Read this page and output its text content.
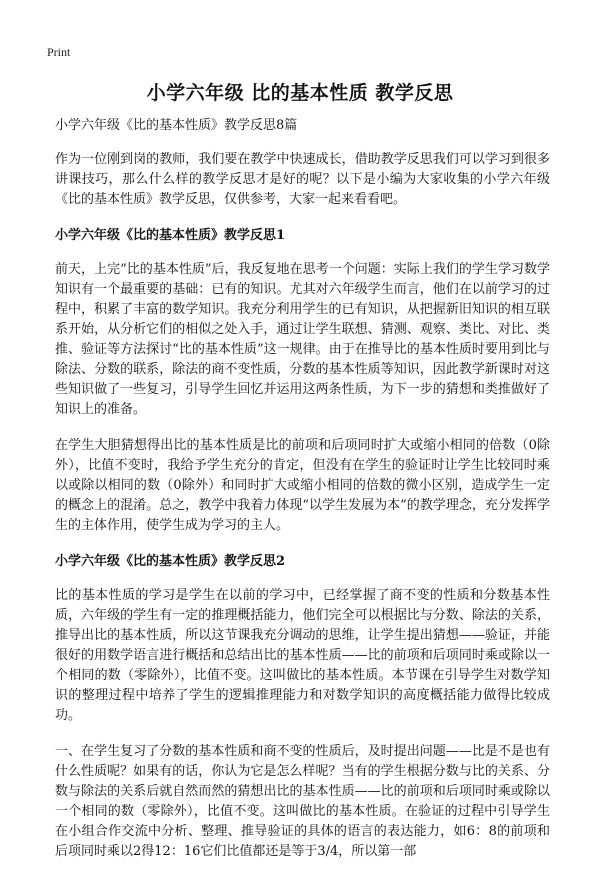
Print
小学六年级 比的基本性质 教学反思

小学六年级《比的基本性质》教学反思8篇

作为一位刚到岗的教师，我们要在教学中快速成长，借助教学反思我们可以学习到很多讲课技巧，那么什么样的教学反思才是好的呢？以下是小编为大家收集的小学六年级《比的基本性质》教学反思，仅供参考，大家一起来看看吧。

小学六年级《比的基本性质》教学反思1

前天，上完“比的基本性质”后，我反复地在思考一个问题：实际上我们的学生学习数学知识有一个最重要的基础：已有的知识。尤其对六年级学生而言，他们在以前学习的过程中，积累了丰富的数学知识。我充分利用学生的已有知识，从把握新旧知识的相互联系开始，从分析它们的相似之处入手，通过让学生联想、猜测、观察、类比、对比、类推、验证等方法探讨“比的基本性质”这一规律。由于在推导比的基本性质时要用到比与除法、分数的联系，除法的商不变性质，分数的基本性质等知识，因此教学新课时对这些知识做了一些复习，引导学生回忆并运用这两条性质，为下一步的猜想和类推做好了知识上的准备。

在学生大胆猜想得出比的基本性质是比的前项和后项同时扩大或缩小相同的倍数（0除外），比值不变时，我给予学生充分的肯定，但没有在学生的验证时让学生比较同时乘以或除以相同的数（0除外）和同时扩大或缩小相同的倍数的微小区别，造成学生一定的概念上的混淆。总之，教学中我着力体现“以学生发展为本”的教学理念，充分发挥学生的主体作用，使学生成为学习的主人。

小学六年级《比的基本性质》教学反思2

比的基本性质的学习是学生在以前的学习中，已经掌握了商不变的性质和分数基本性质，六年级的学生有一定的推理概括能力，他们完全可以根据比与分数、除法的关系，推导出比的基本性质，所以这节课我充分调动的思维，让学生提出猜想——验证，并能很好的用数学语言进行概括和总结出比的基本性质——比的前项和后项同时乘或除以一个相同的数（零除外），比值不变。这叫做比的基本性质。本节课在引导学生对数学知识的整理过程中培养了学生的逻辑推理能力和对数学知识的高度概括能力做得比较成功。

一、在学生复习了分数的基本性质和商不变的性质后，及时提出问题——比是不是也有什么性质呢？如果有的话，你认为它是怎么样呢？当有的学生根据分数与比的关系、分数与除法的关系后就自然而然的猜想出比的基本性质——比的前项和后项同时乘或除以一个相同的数（零除外），比值不变。这叫做比的基本性质。在验证的过程中引导学生在小组合作交流中分析、整理、推导验证的具体的语言的表达能力，如6：8的前项和后项同时乘以2得12：16它们比值都还是等于3/4，所以第一部
